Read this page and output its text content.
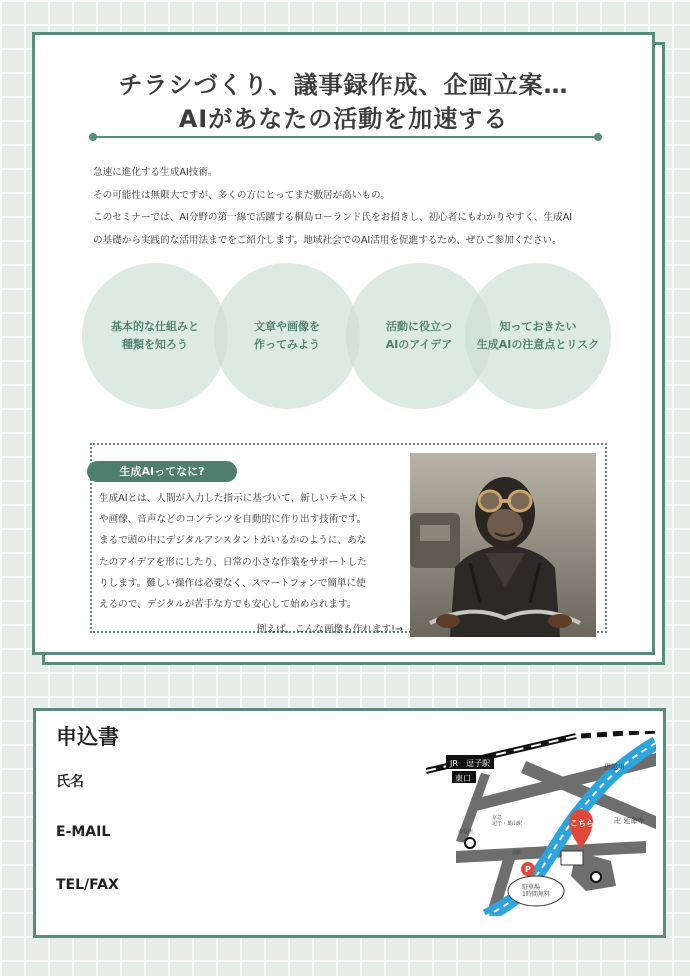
チラシづくり、議事録作成、企画立案…
AIがあなたの活動を加速する
急速に進化する生成AI技術。
その可能性は無限大ですが、多くの方にとってまだ敷居が高いもの。
このセミナーでは、AI分野の第一線で活躍する桐島ローランド氏をお招きし、初心者にもわかりやすく、生成AI
の基礎から実践的な活用法までをご紹介します。地域社会でのAI活用を促進するため、ぜひご参加ください。
基本的な仕組みと
種類を知ろう
文章や画像を
作ってみよう
活動に役立つ
AIのアイデア
知っておきたい
生成AIの注意点とリスク
生成AIってなに?
生成AIとは、人間が入力した指示に基づいて、新しいテキスト
や画像、音声などのコンテンツを自動的に作り出す技術です。
まるで頭の中にデジタルアシスタントがいるかのように、あな
たのアイデアを形にしたり、日常の小さな作業をサポートした
りします。難しい操作は必要なく、スマートフォンで簡単に使
えるので、デジタルが苦手な方でも安心して始められます。
例えば、こんな画像も作れます!→
申込書
氏名
E-MAIL
TEL/FAX
JR 逗子駅
東口
田越川
卍 延命寺
市役所
京急逗子・葉山駅
消防
P
駐車場 1時間無料
こちら
